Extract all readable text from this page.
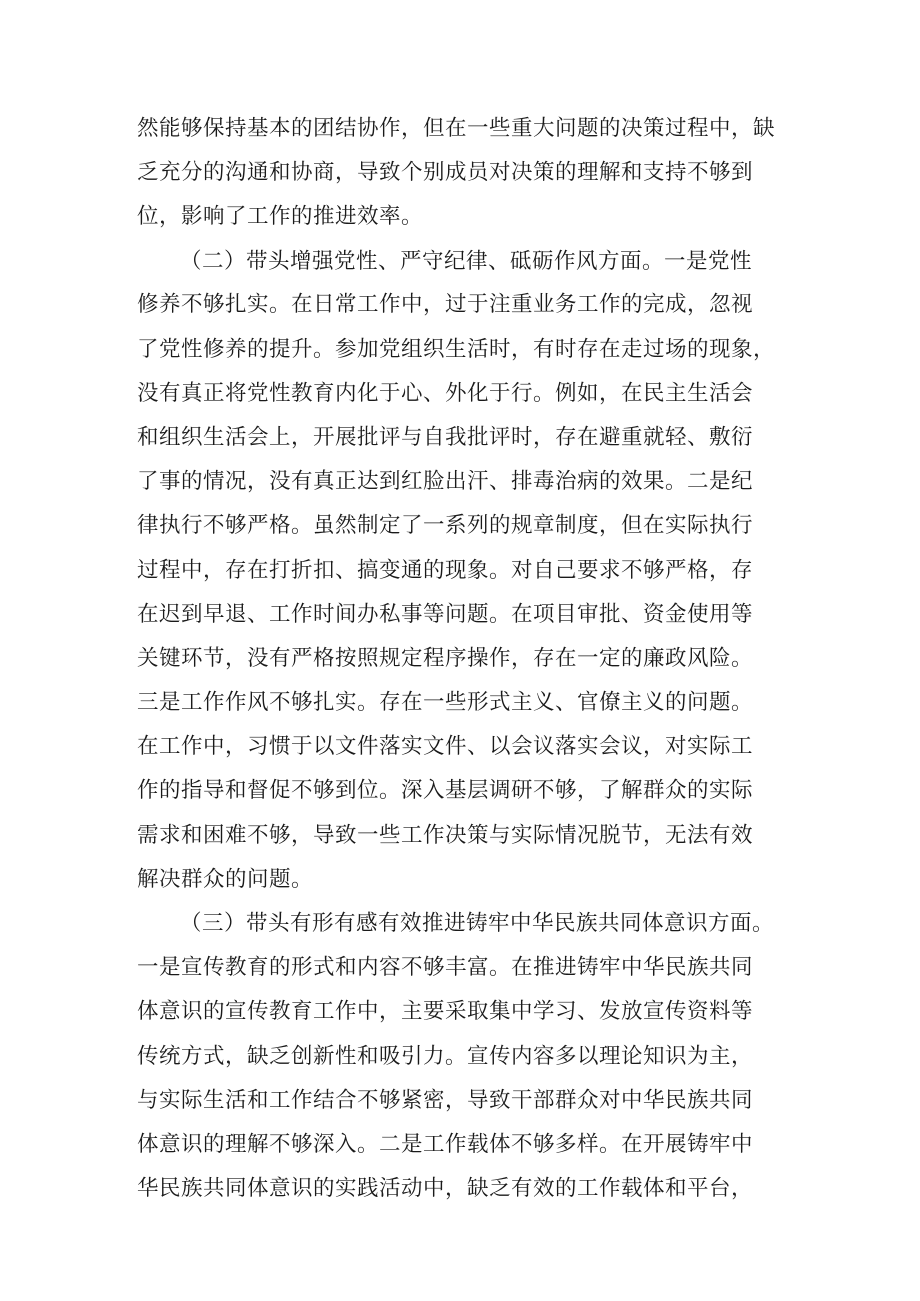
然能够保持基本的团结协作，但在一些重大问题的决策过程中，缺
乏充分的沟通和协商，导致个别成员对决策的理解和支持不够到
位，影响了工作的推进效率。
（二）带头增强党性、严守纪律、砥砺作风方面。一是党性
修养不够扎实。在日常工作中，过于注重业务工作的完成，忽视
了党性修养的提升。参加党组织生活时，有时存在走过场的现象，
没有真正将党性教育内化于心、外化于行。例如，在民主生活会
和组织生活会上，开展批评与自我批评时，存在避重就轻、敷衍
了事的情况，没有真正达到红脸出汗、排毒治病的效果。二是纪
律执行不够严格。虽然制定了一系列的规章制度，但在实际执行
过程中，存在打折扣、搞变通的现象。对自己要求不够严格，存
在迟到早退、工作时间办私事等问题。在项目审批、资金使用等
关键环节，没有严格按照规定程序操作，存在一定的廉政风险。
三是工作作风不够扎实。存在一些形式主义、官僚主义的问题。
在工作中，习惯于以文件落实文件、以会议落实会议，对实际工
作的指导和督促不够到位。深入基层调研不够，了解群众的实际
需求和困难不够，导致一些工作决策与实际情况脱节，无法有效
解决群众的问题。
（三）带头有形有感有效推进铸牢中华民族共同体意识方面。
一是宣传教育的形式和内容不够丰富。在推进铸牢中华民族共同
体意识的宣传教育工作中，主要采取集中学习、发放宣传资料等
传统方式，缺乏创新性和吸引力。宣传内容多以理论知识为主，
与实际生活和工作结合不够紧密，导致干部群众对中华民族共同
体意识的理解不够深入。二是工作载体不够多样。在开展铸牢中
华民族共同体意识的实践活动中，缺乏有效的工作载体和平台，
